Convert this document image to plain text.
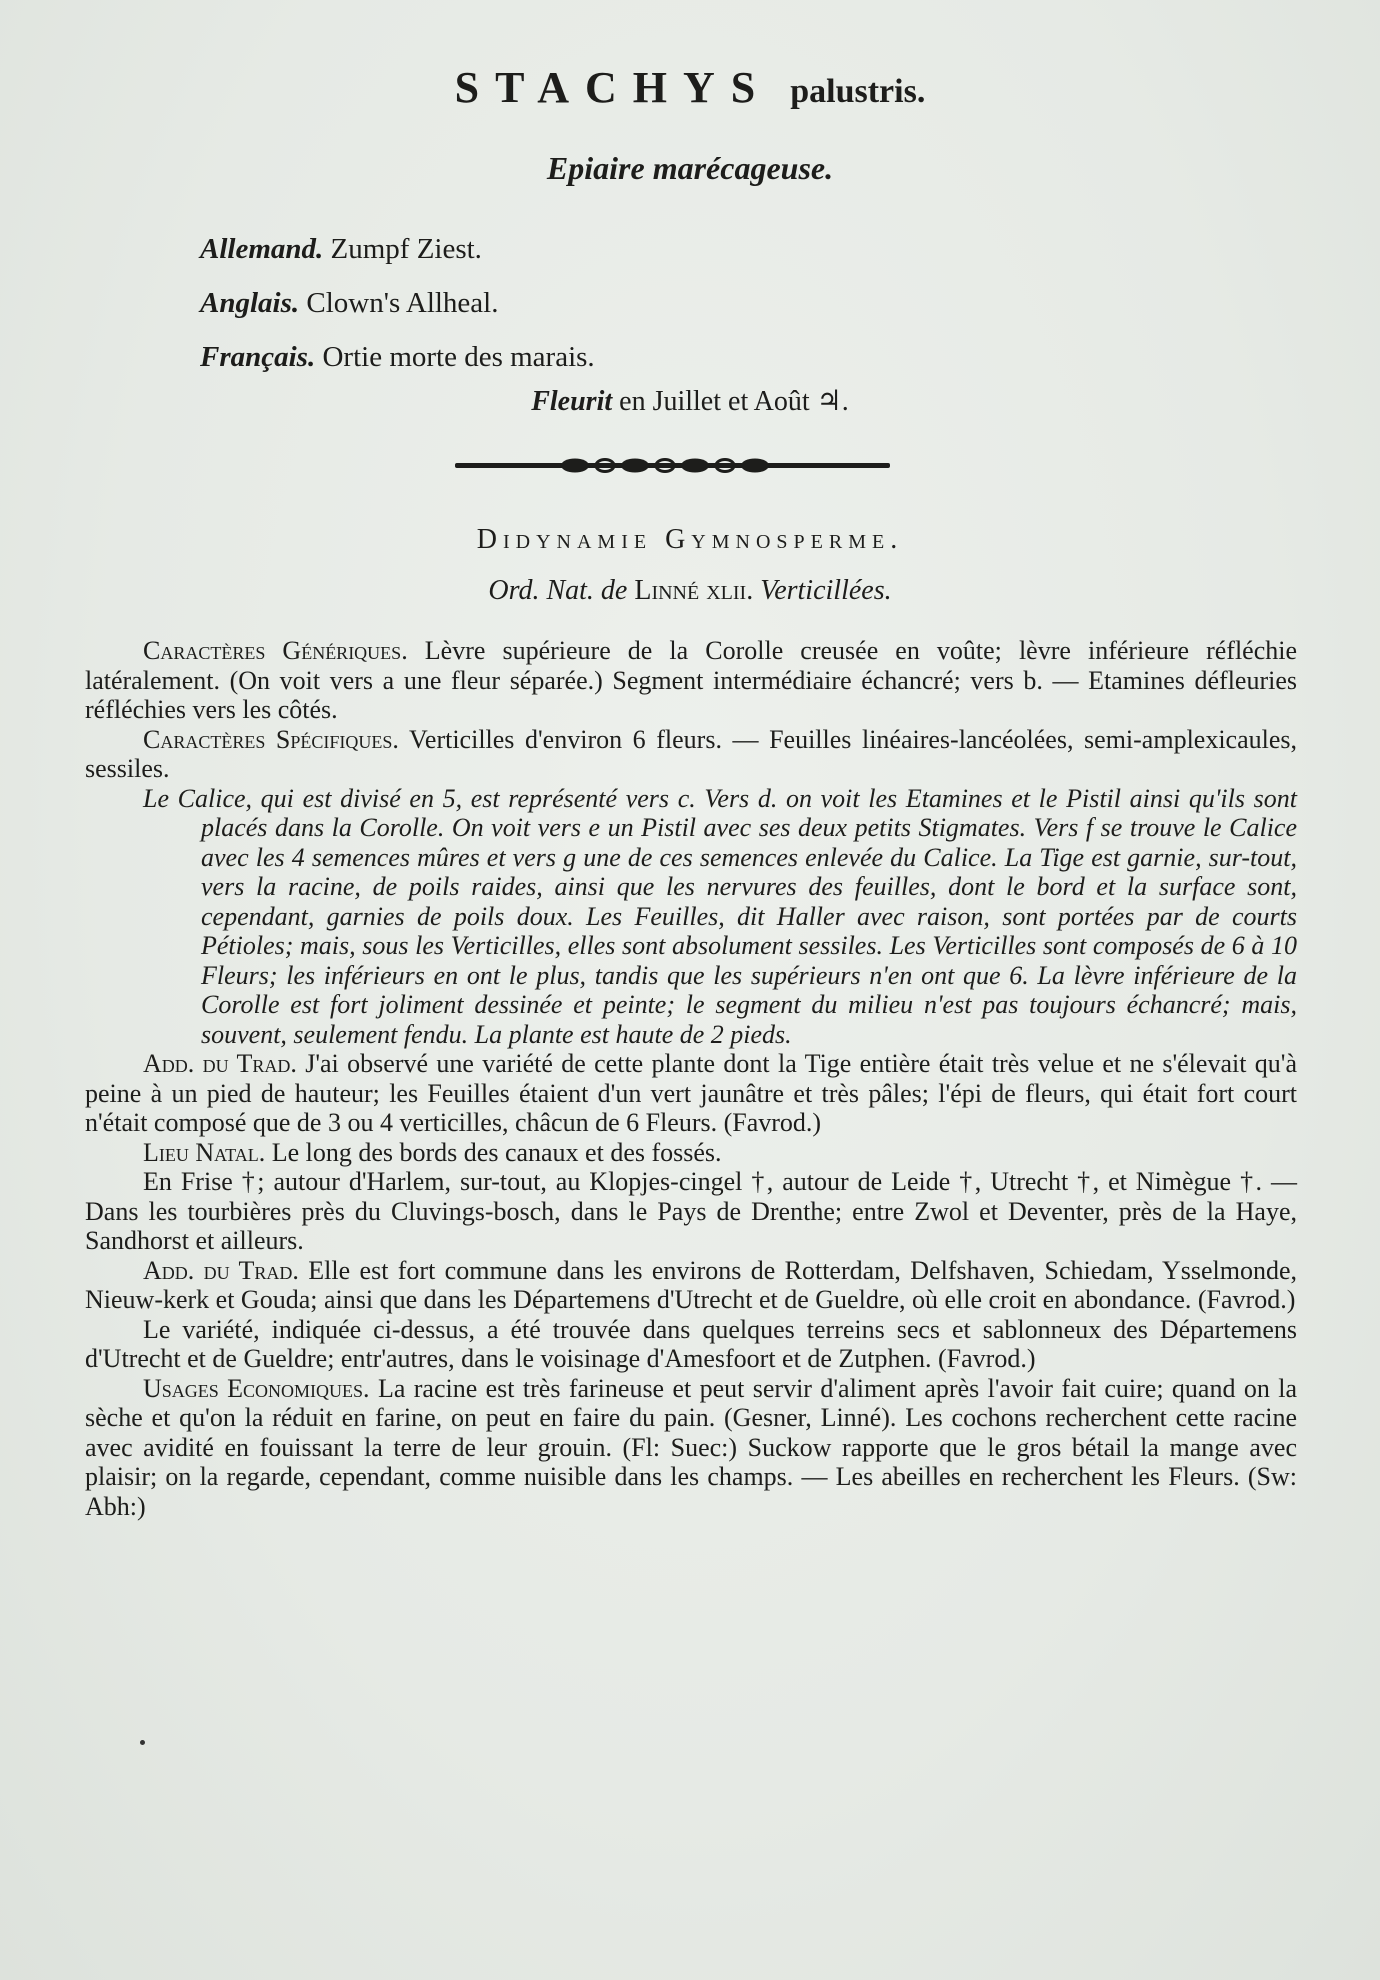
STACHYS palustris.
Epiaire marécageuse.
Allemand. Zumpf Ziest.
Anglais. Clown's Allheal.
Français. Ortie morte des marais.
Fleurit en Juillet et Août ♃.
Didynamie Gymnosperme.
Ord. Nat. de Linné xlii. Verticillées.

Caractères Génériques. Lèvre supérieure de la Corolle creusée en voûte; lèvre inférieure réfléchie latéralement. (On voit vers a une fleur séparée.) Segment intermédiaire échancré; vers b. — Etamines défleuries réfléchies vers les côtés.

Caractères Spécifiques. Verticilles d'environ 6 fleurs. — Feuilles linéaires-lancéolées, semi-amplexicaules, sessiles.

Le Calice, qui est divisé en 5, est représenté vers c. Vers d. on voit les Etamines et le Pistil ainsi qu'ils sont placés dans la Corolle. On voit vers e un Pistil avec ses deux petits Stigmates. Vers f se trouve le Calice avec les 4 semences mûres et vers g une de ces semences enlevée du Calice. La Tige est garnie, sur-tout, vers la racine, de poils raides, ainsi que les nervures des feuilles, dont le bord et la surface sont, cependant, garnies de poils doux. Les Feuilles, dit Haller avec raison, sont portées par de courts Pétioles; mais, sous les Verticilles, elles sont absolument sessiles. Les Verticilles sont composés de 6 à 10 Fleurs; les inférieurs en ont le plus, tandis que les supérieurs n'en ont que 6. La lèvre inférieure de la Corolle est fort joliment dessinée et peinte; le segment du milieu n'est pas toujours échancré; mais, souvent, seulement fendu. La plante est haute de 2 pieds.

Add. du Trad. J'ai observé une variété de cette plante dont la Tige entière était très velue et ne s'élevait qu'à peine à un pied de hauteur; les Feuilles étaient d'un vert jaunâtre et très pâles; l'épi de fleurs, qui était fort court n'était composé que de 3 ou 4 verticilles, châcun de 6 Fleurs. (Favrod.)

Lieu Natal. Le long des bords des canaux et des fossés.

En Frise †; autour d'Harlem, sur-tout, au Klopjes-cingel †, autour de Leide †, Utrecht †, et Nimègue †. — Dans les tourbières près du Cluvings-bosch, dans le Pays de Drenthe; entre Zwol et Deventer, près de la Haye, Sandhorst et ailleurs.

Add. du Trad. Elle est fort commune dans les environs de Rotterdam, Delfshaven, Schiedam, Ysselmonde, Nieuw-kerk et Gouda; ainsi que dans les Départemens d'Utrecht et de Gueldre, où elle croit en abondance. (Favrod.)

Le variété, indiquée ci-dessus, a été trouvée dans quelques terreins secs et sablonneux des Départemens d'Utrecht et de Gueldre; entr'autres, dans le voisinage d'Amesfoort et de Zutphen. (Favrod.)

Usages Economiques. La racine est très farineuse et peut servir d'aliment après l'avoir fait cuire; quand on la sèche et qu'on la réduit en farine, on peut en faire du pain. (Gesner, Linné). Les cochons recherchent cette racine avec avidité en fouissant la terre de leur grouin. (Fl: Suec:) Suckow rapporte que le gros bétail la mange avec plaisir; on la regarde, cependant, comme nuisible dans les champs. — Les abeilles en recherchent les Fleurs. (Sw: Abh:)
